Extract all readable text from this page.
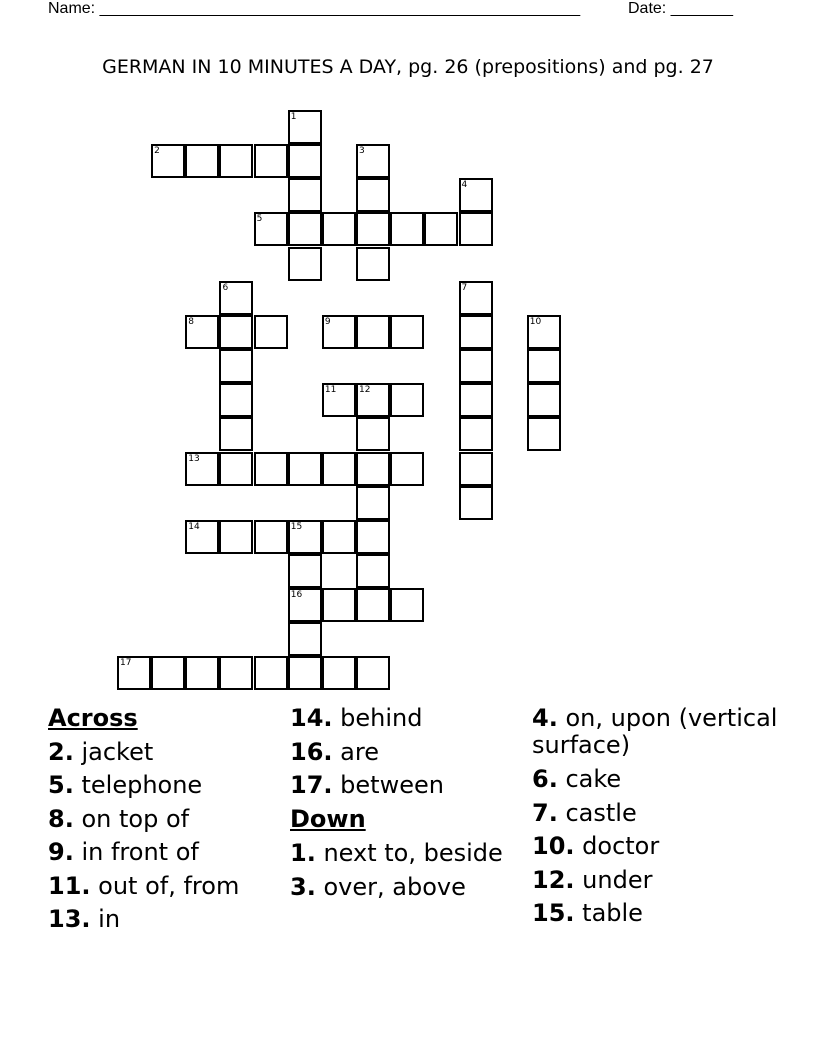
Name: ______________________________________________________	Date: _______
GERMAN IN 10 MINUTES A DAY, pg. 26 (prepositions) and pg. 27
1
2	3
4
5
6	7
8	9	10
11	12
13
14	15
16
17
Across
2. jacket
5. telephone
8. on top of
9. in front of
11. out of, from
13. in
14. behind
16. are
17. between
Down
1. next to, beside
3. over, above
4. on, upon (vertical surface)
6. cake
7. castle
10. doctor
12. under
15. table
